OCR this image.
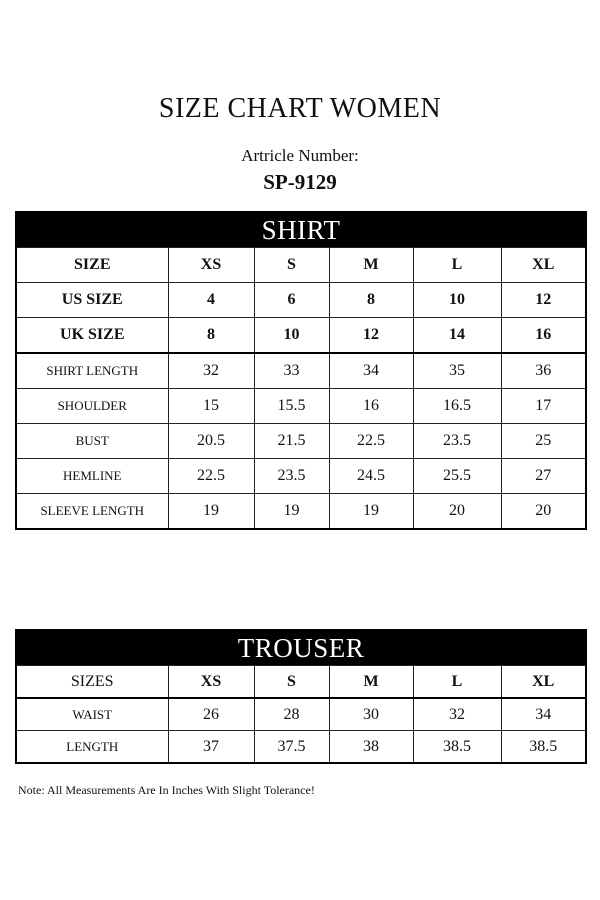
SIZE CHART WOMEN
Artricle Number:
SP-9129
SHIRT					
SIZE	XS	S	M	L	XL
US SIZE	4	6	8	10	12
UK SIZE	8	10	12	14	16
SHIRT LENGTH	32	33	34	35	36
SHOULDER	15	15.5	16	16.5	17
BUST	20.5	21.5	22.5	23.5	25
HEMLINE	22.5	23.5	24.5	25.5	27
SLEEVE LENGTH	19	19	19	20	20
TROUSER					
SIZES	XS	S	M	L	XL
WAIST	26	28	30	32	34
LENGTH	37	37.5	38	38.5	38.5
Note: All Measurements Are In Inches With Slight Tolerance!
